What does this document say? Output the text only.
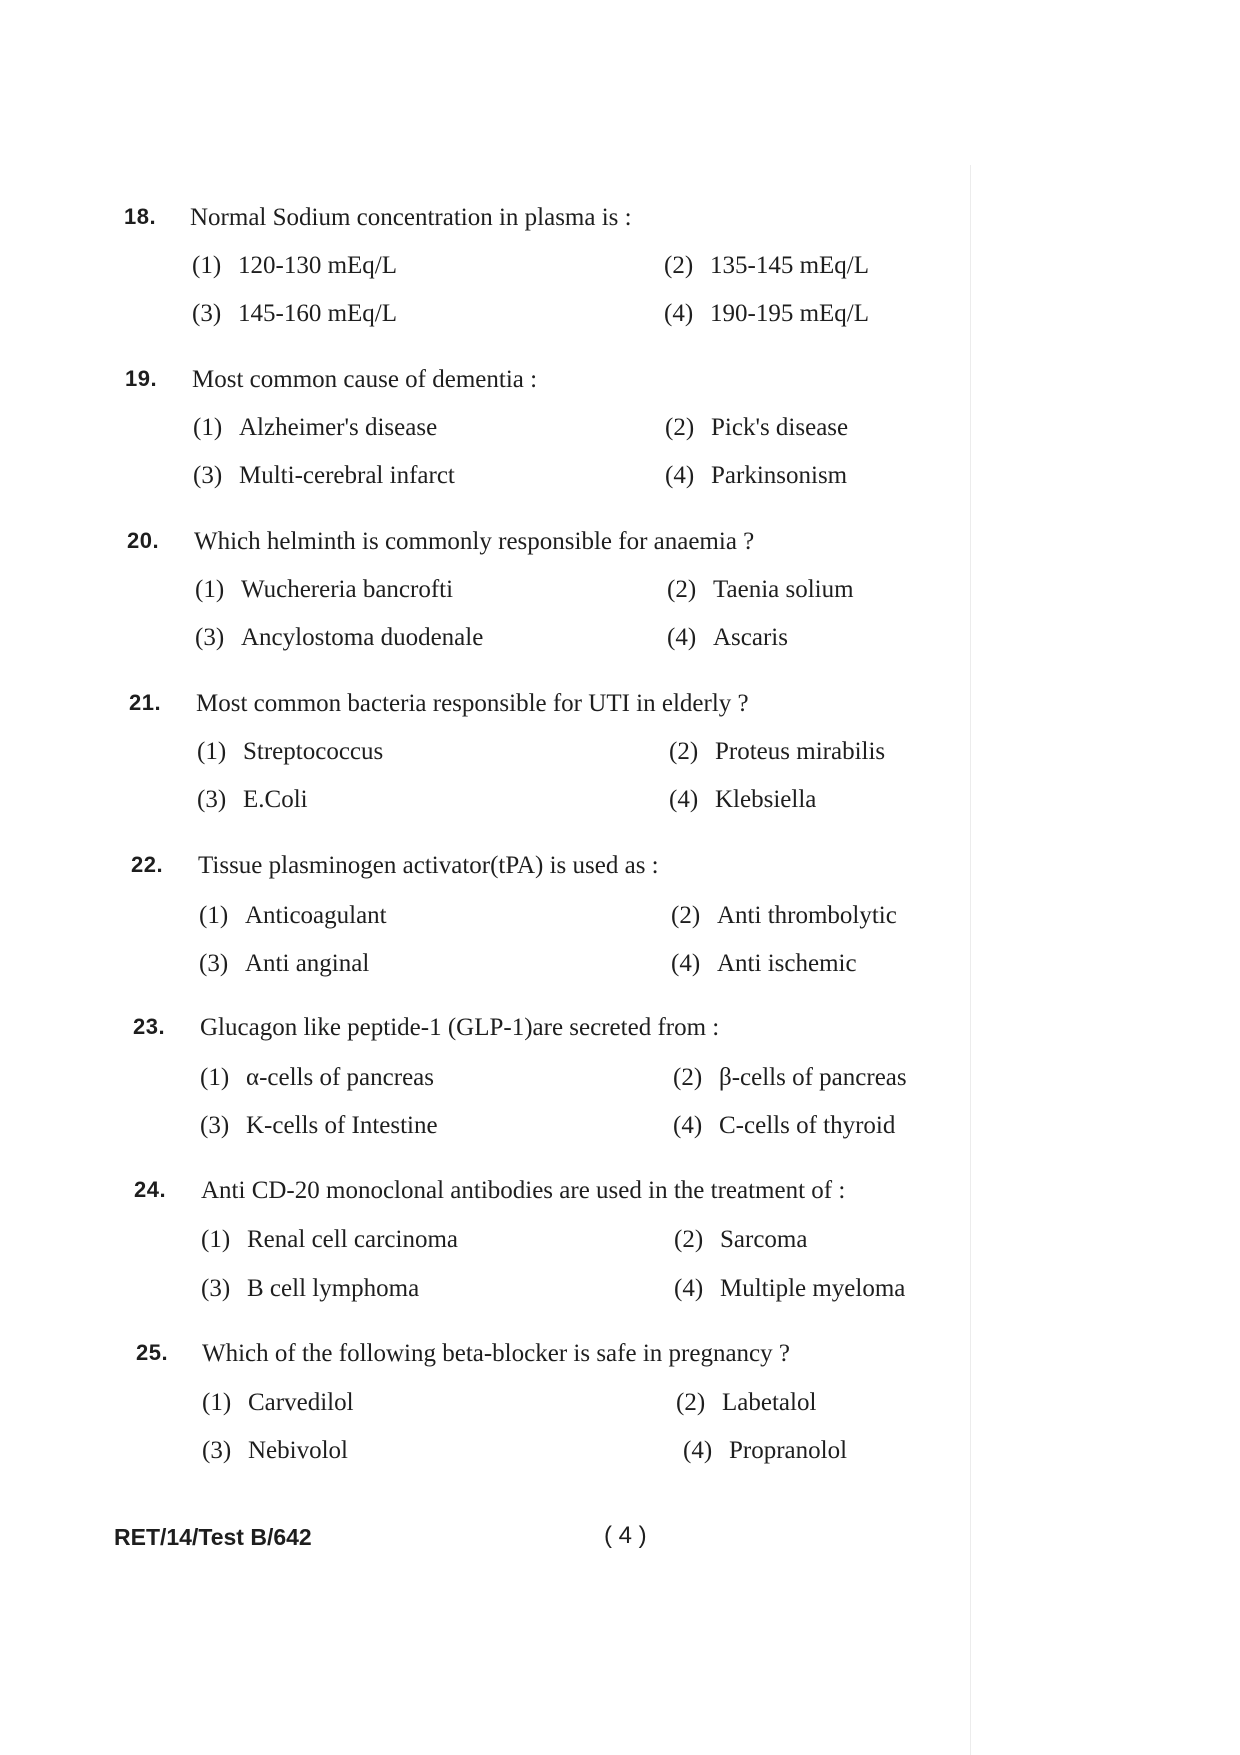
18. Normal Sodium concentration in plasma is :
(1) 120-130 mEq/L	(2) 135-145 mEq/L
(3) 145-160 mEq/L	(4) 190-195 mEq/L
19. Most common cause of dementia :
(1) Alzheimer's disease	(2) Pick's disease
(3) Multi-cerebral infarct	(4) Parkinsonism
20. Which helminth is commonly responsible for anaemia ?
(1) Wuchereria bancrofti	(2) Taenia solium
(3) Ancylostoma duodenale	(4) Ascaris
21. Most common bacteria responsible for UTI in elderly ?
(1) Streptococcus	(2) Proteus mirabilis
(3) E.Coli	(4) Klebsiella
22. Tissue plasminogen activator(tPA) is used as :
(1) Anticoagulant	(2) Anti thrombolytic
(3) Anti anginal	(4) Anti ischemic
23. Glucagon like peptide-1 (GLP-1)are secreted from :
(1) α-cells of pancreas	(2) β-cells of pancreas
(3) K-cells of Intestine	(4) C-cells of thyroid
24. Anti CD-20 monoclonal antibodies are used in the treatment of :
(1) Renal cell carcinoma	(2) Sarcoma
(3) B cell lymphoma	(4) Multiple myeloma
25. Which of the following beta-blocker is safe in pregnancy ?
(1) Carvedilol	(2) Labetalol
(3) Nebivolol	(4) Propranolol
RET/14/Test B/642	( 4 )
